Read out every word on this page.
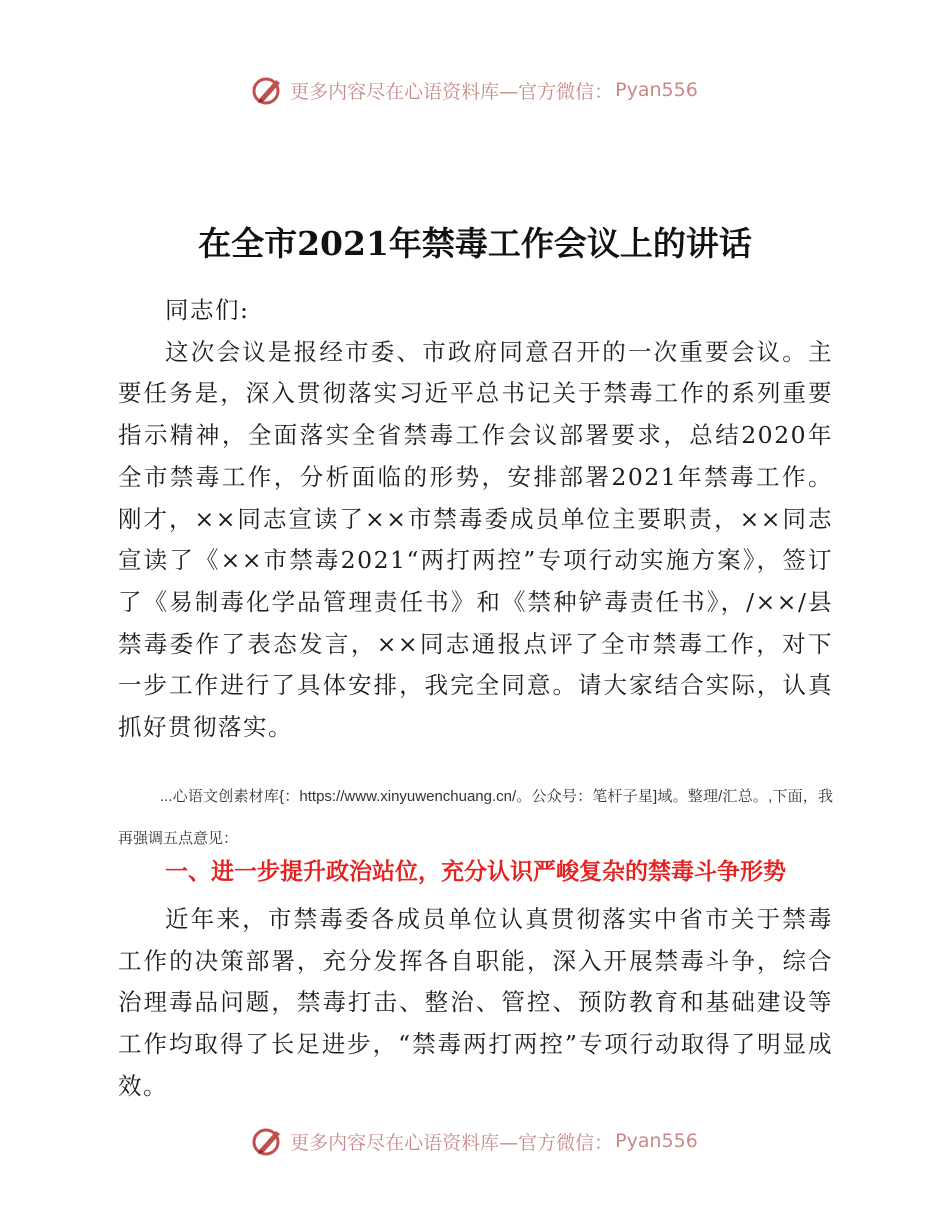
更多内容尽在心语资料库—官方微信： Pyan556
在全市2021年禁毒工作会议上的讲话

同志们:

这次会议是报经市委、市政府同意召开的一次重要会议。主要任务是，深入贯彻落实习近平总书记关于禁毒工作的系列重要指示精神，全面落实全省禁毒工作会议部署要求，总结2020年全市禁毒工作，分析面临的形势，安排部署2021年禁毒工作。刚才，××同志宣读了××市禁毒委成员单位主要职责，××同志宣读了《××市禁毒2021“两打两控”专项行动实施方案》，签订了《易制毒化学品管理责任书》和《禁种铲毒责任书》，/××/县禁毒委作了表态发言，××同志通报点评了全市禁毒工作，对下一步工作进行了具体安排，我完全同意。请大家结合实际，认真抓好贯彻落实。

...心语文创素材库{：https://www.xinyuwenchuang.cn/。公众号：笔杆子星]域。整理/汇总。,下面，我再强调五点意见：
一、进一步提升政治站位，充分认识严峻复杂的禁毒斗争形势

近年来，市禁毒委各成员单位认真贯彻落实中省市关于禁毒工作的决策部署，充分发挥各自职能，深入开展禁毒斗争，综合治理毒品问题，禁毒打击、整治、管控、预防教育和基础建设等工作均取得了长足进步，“禁毒两打两控”专项行动取得了明显成效。

更多内容尽在心语资料库—官方微信： Pyan556
